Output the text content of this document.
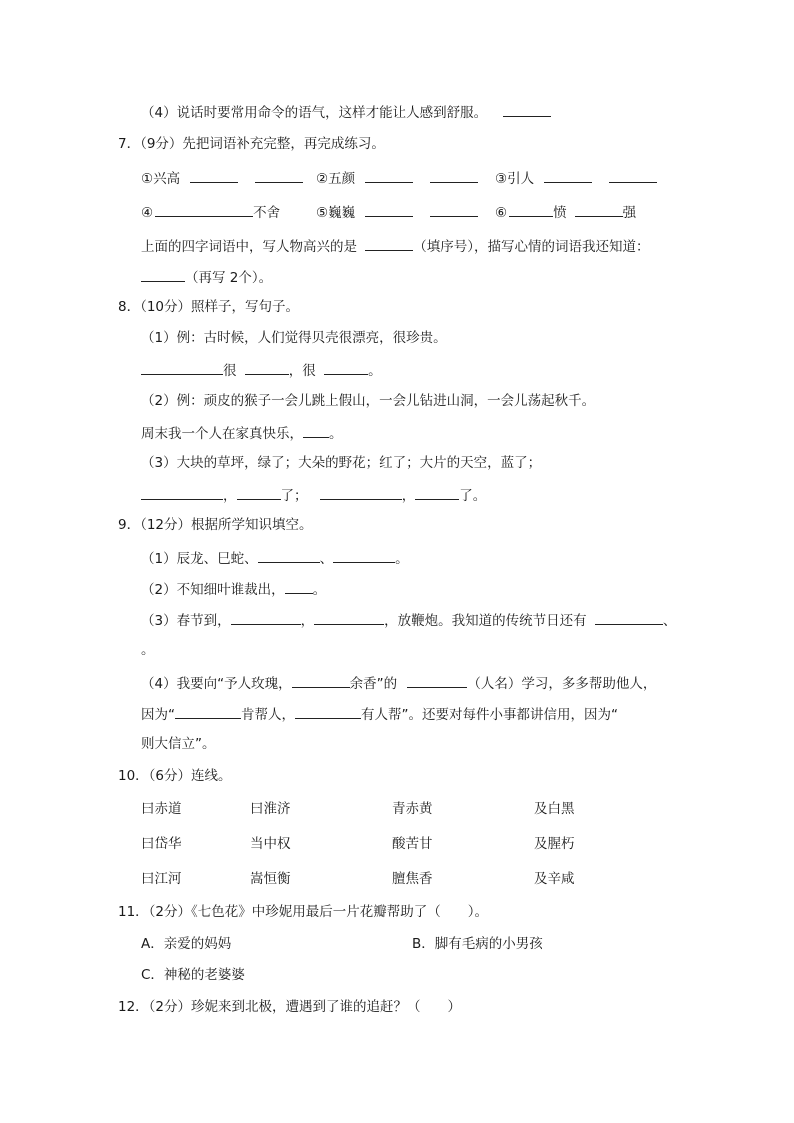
（4）说话时要常用命令的语气，这样才能让人感到舒服。
7．（9分）先把词语补充完整，再完成练习。
①兴高	②五颜	③引人
④	不舍	⑤巍巍	⑥	愤	强
上面的四字词语中，写人物高兴的是	（填序号），描写心情的词语我还知道：
（再写 2个）。
8．（10分）照样子，写句子。
（1）例：古时候，人们觉得贝壳很漂亮，很珍贵。
很	，很	。
（2）例：顽皮的猴子一会儿跳上假山，一会儿钻进山洞，一会儿荡起秋千。
周末我一个人在家真快乐， 。
（3）大块的草坪，绿了；大朵的野花；红了；大片的天空，蓝了；
，	了；	，	了。
9．（12分）根据所学知识填空。
（1）辰龙、巳蛇、	、	。
（2）不知细叶谁裁出， 。
（3）春节到，	，	，放鞭炮。我知道的传统节日还有	、
。
（4）我要向“予人玫瑰，	余香”的	（人名）学习，多多帮助他人，
因为“	肯帮人，	有人帮”。还要对每件小事都讲信用，因为“
则大信立”。
10．（6分）连线。
曰赤道	曰淮济	青赤黄	及白黑
曰岱华	当中权	酸苦甘	及腥朽
曰江河	嵩恒衡	膻焦香	及辛咸
11．（2分）《七色花》中珍妮用最后一片花瓣帮助了（　　）。
A．亲爱的妈妈	B．脚有毛病的小男孩
C．神秘的老婆婆
12．（2分）珍妮来到北极，遭遇到了谁的追赶？（　　）
